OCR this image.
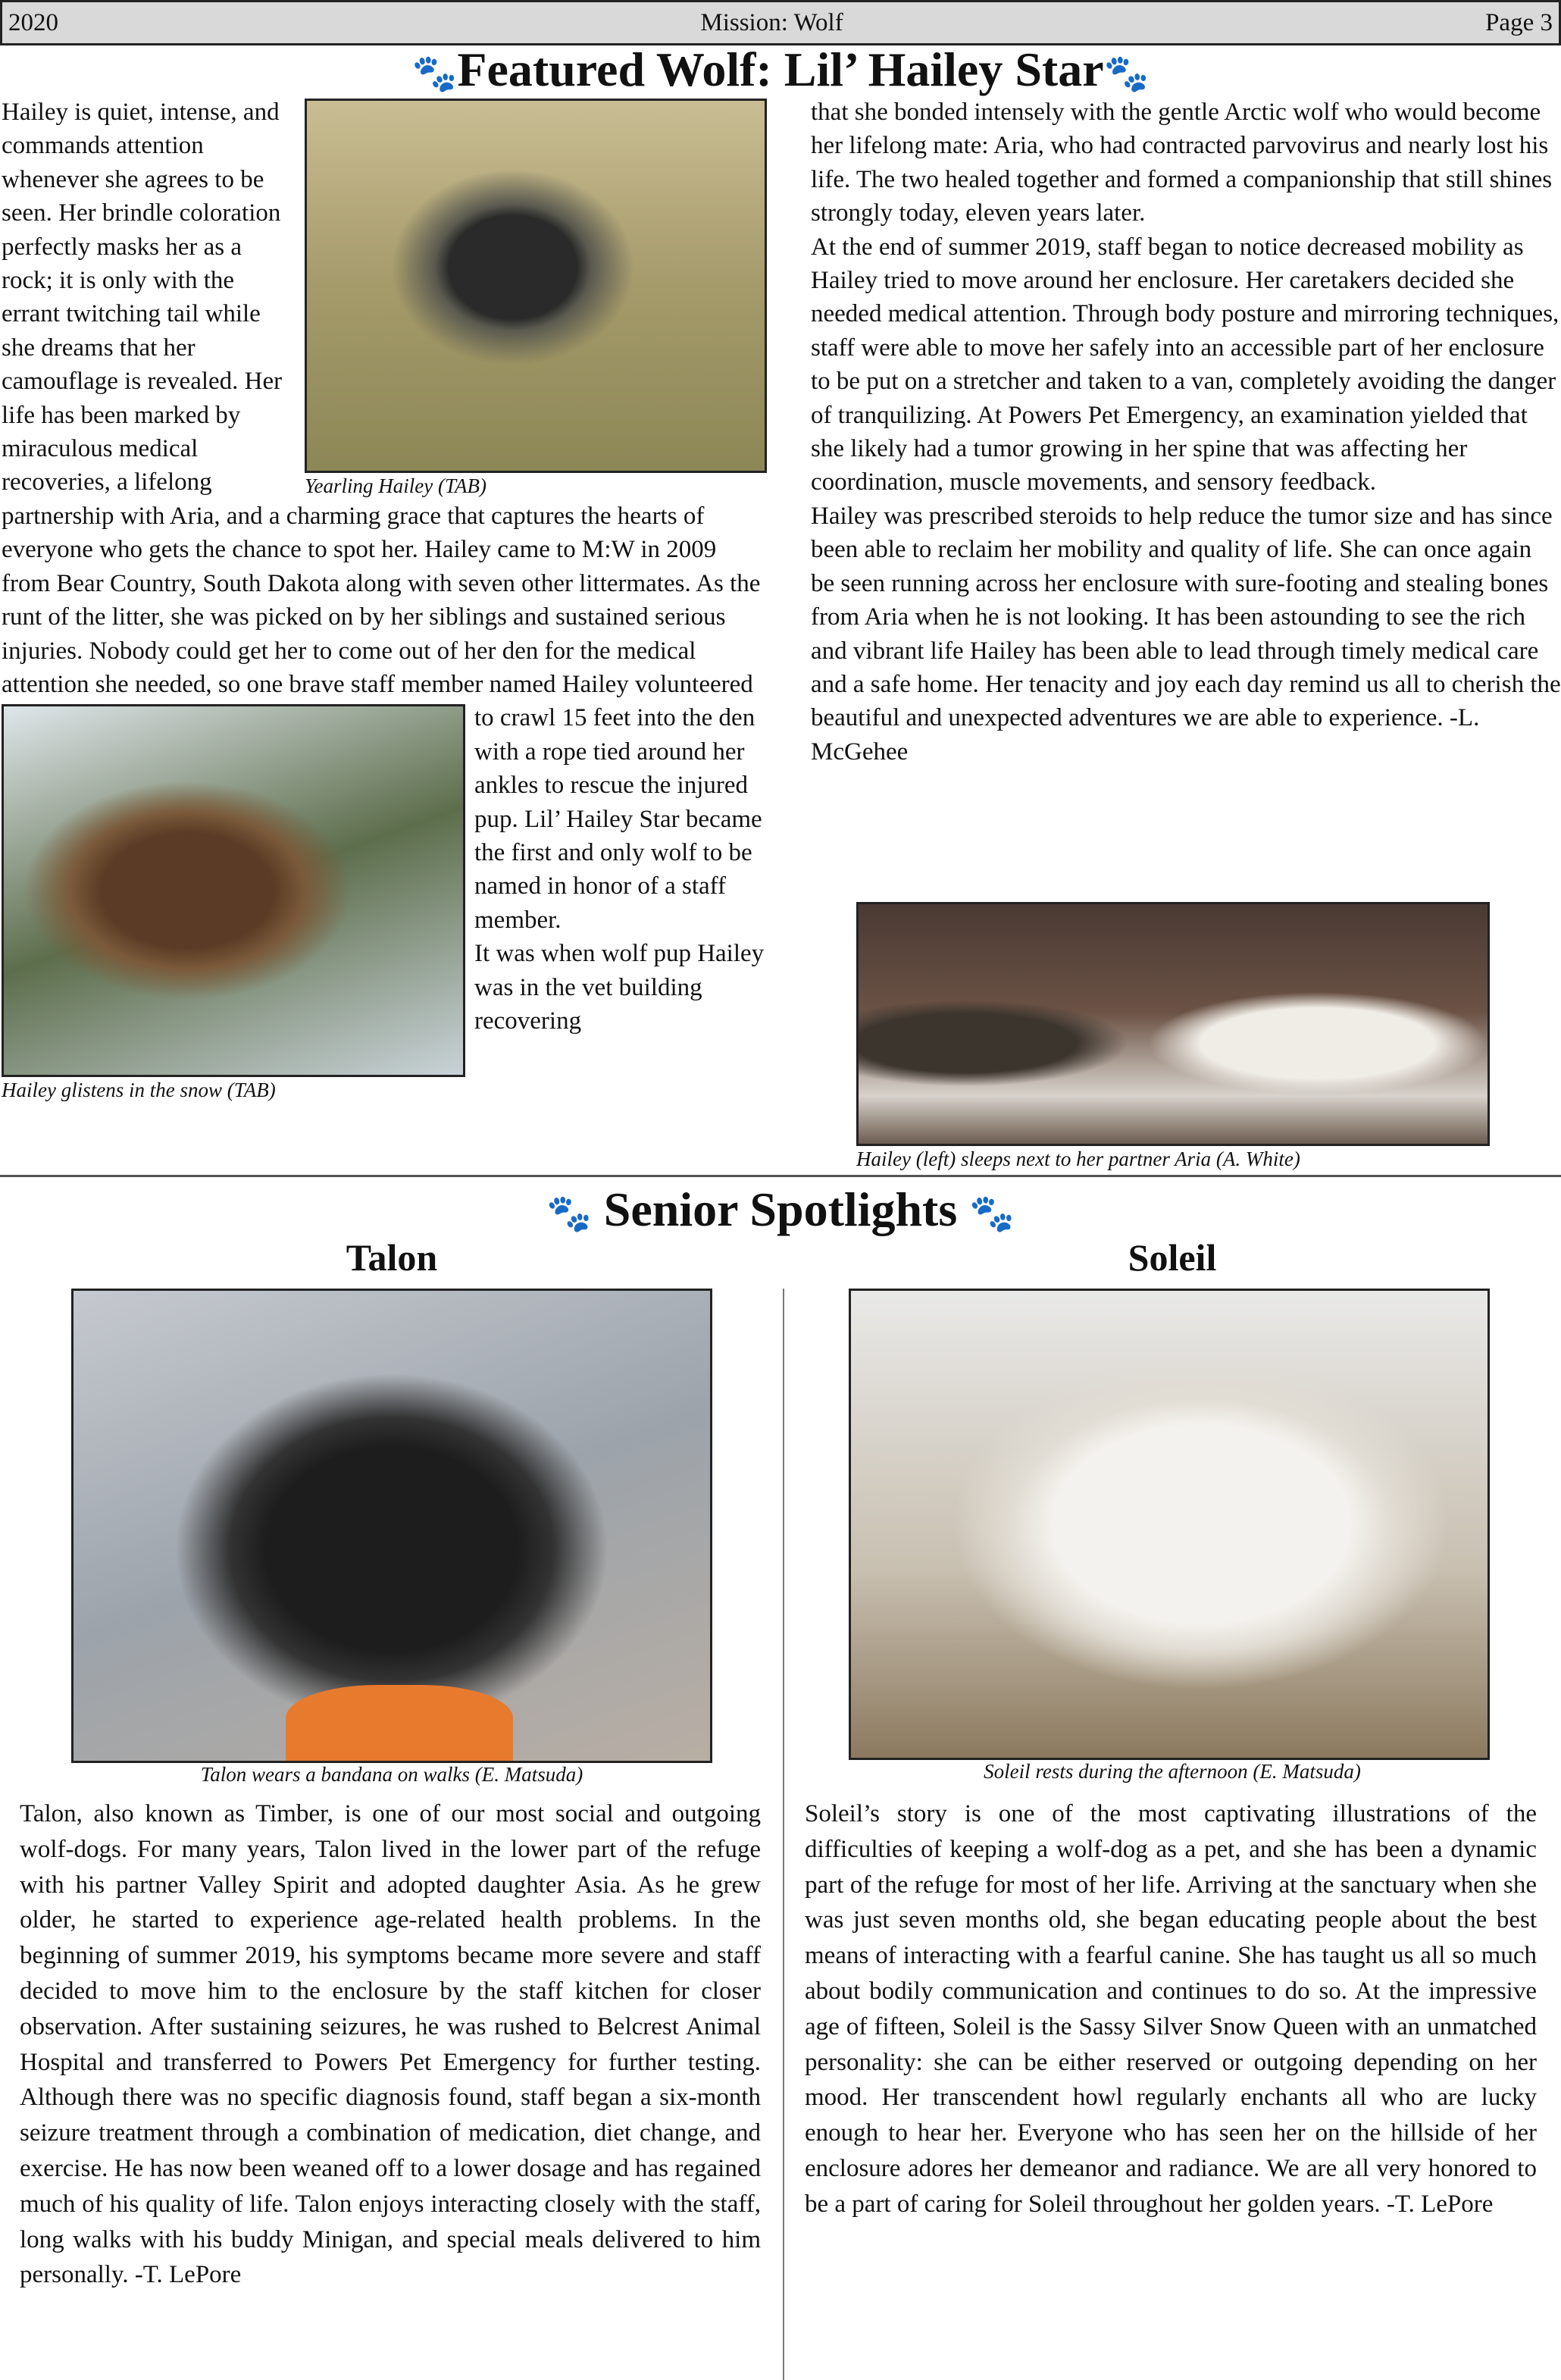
2020	Mission: Wolf	Page 3
🐾Featured Wolf: Lil’ Hailey Star🐾
Yearling Hailey (TAB)
Hailey is quiet, intense, and commands attention whenever she agrees to be seen. Her brindle coloration perfectly masks her as a rock; it is only with the errant twitching tail while she dreams that her camouflage is revealed. Her life has been marked by miraculous medical recoveries, a lifelong partnership with Aria, and a charming grace that captures the hearts of everyone who gets the chance to spot her. Hailey came to M:W in 2009 from Bear Country, South Dakota along with seven other littermates. As the runt of the litter, she was picked on by her siblings and sustained serious injuries. Nobody could get her to come out of her den for the medical attention she needed, so one brave staff member named Hailey
Hailey glistens in the snow (TAB)
volunteered to crawl 15 feet into the den with a rope tied around her ankles to rescue the injured pup. Lil’ Hailey Star became the first and only wolf to be named in honor of a staff member.
It was when wolf pup Hailey was in the vet building recovering
that she bonded intensely with the gentle Arctic wolf who would become her lifelong mate: Aria, who had contracted parvovirus and nearly lost his life. The two healed together and formed a companionship that still shines strongly today, eleven years later.
At the end of summer 2019, staff began to notice decreased mobility as Hailey tried to move around her enclosure. Her caretakers decided she needed medical attention. Through body posture and mirroring techniques, staff were able to move her safely into an accessible part of her enclosure to be put on a stretcher and taken to a van, completely avoiding the danger of tranquilizing. At Powers Pet Emergency, an examination yielded that she likely had a tumor growing in her spine that was affecting her coordination, muscle movements, and sensory feedback.
Hailey was prescribed steroids to help reduce the tumor size and has since been able to reclaim her mobility and quality of life. She can once again be seen running across her enclosure with sure-footing and stealing bones from Aria when he is not looking. It has been astounding to see the rich and vibrant life Hailey has been able to lead through timely medical care and a safe home. Her tenacity and joy each day remind us all to cherish the beautiful and unexpected adventures we are able to experience. -L. McGehee
Hailey (left) sleeps next to her partner Aria (A. White)
🐾 Senior Spotlights 🐾
Talon	Soleil
Talon wears a bandana on walks (E. Matsuda)
Talon, also known as Timber, is one of our most social and outgoing wolf-dogs. For many years, Talon lived in the lower part of the refuge with his partner Valley Spirit and adopted daughter Asia. As he grew older, he started to experience age-related health problems. In the beginning of summer 2019, his symptoms became more severe and staff decided to move him to the enclosure by the staff kitchen for closer observation. After sustaining seizures, he was rushed to Belcrest Animal Hospital and transferred to Powers Pet Emergency for further testing. Although there was no specific diagnosis found, staff began a six-month seizure treatment through a combination of medication, diet change, and exercise. He has now been weaned off to a lower dosage and has regained much of his quality of life. Talon enjoys interacting closely with the staff, long walks with his buddy Minigan, and special meals delivered to him personally. -T. LePore
Soleil rests during the afternoon (E. Matsuda)
Soleil’s story is one of the most captivating illustrations of the difficulties of keeping a wolf-dog as a pet, and she has been a dynamic part of the refuge for most of her life. Arriving at the sanctuary when she was just seven months old, she began educating people about the best means of interacting with a fearful canine. She has taught us all so much about bodily communication and continues to do so. At the impressive age of fifteen, Soleil is the Sassy Silver Snow Queen with an unmatched personality: she can be either reserved or outgoing depending on her mood. Her transcendent howl regularly enchants all who are lucky enough to hear her. Everyone who has seen her on the hillside of her enclosure adores her demeanor and radiance. We are all very honored to be a part of caring for Soleil throughout her golden years. -T. LePore
